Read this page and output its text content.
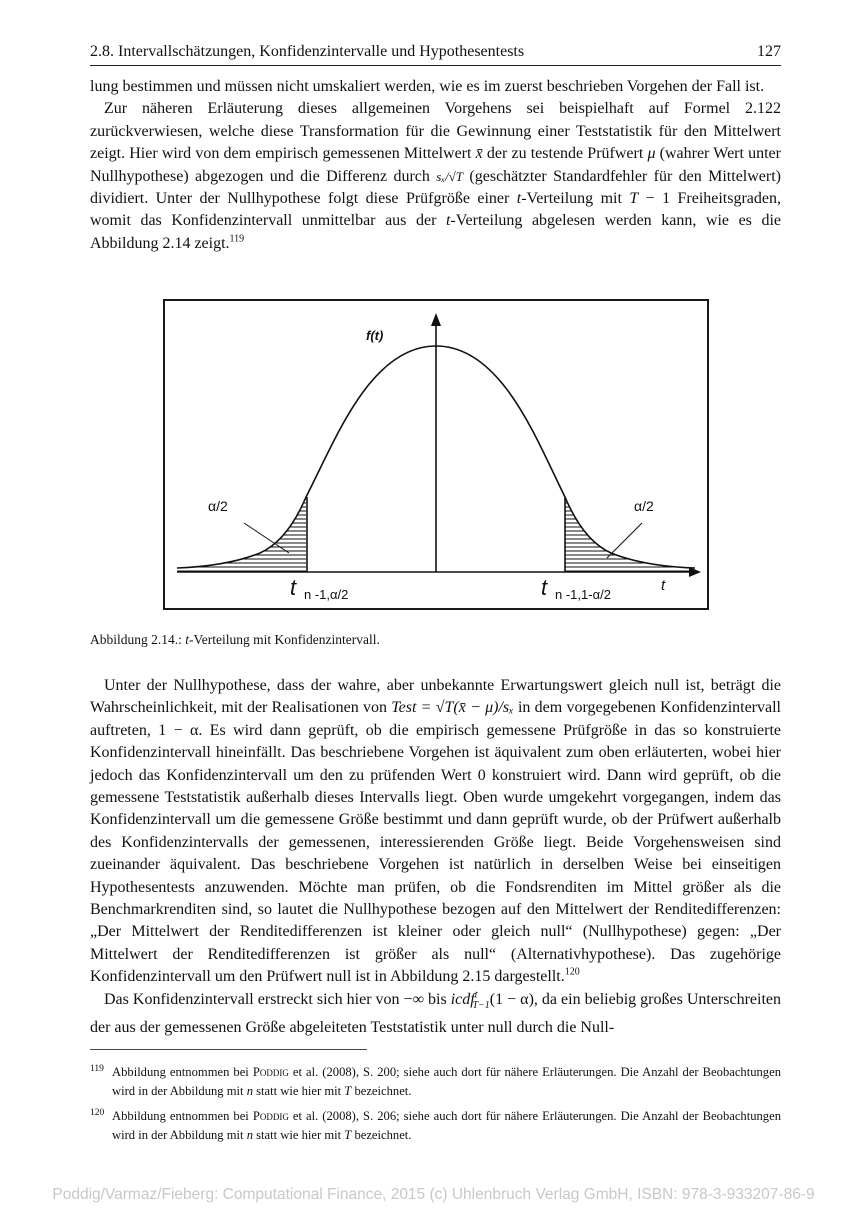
2.8. Intervallschätzungen, Konfidenzintervalle und Hypothesentests	127

lung bestimmen und müssen nicht umskaliert werden, wie es im zuerst beschrieben Vorgehen der Fall ist.

Zur näheren Erläuterung dieses allgemeinen Vorgehens sei beispielhaft auf Formel 2.122 zurückverwiesen, welche diese Transformation für die Gewinnung einer Teststatistik für den Mittelwert zeigt. Hier wird von dem empirisch gemessenen Mittelwert x̄ der zu testende Prüfwert μ (wahrer Wert unter Nullhypothese) abgezogen und die Differenz durch sₓ/√T (geschätzter Standardfehler für den Mittelwert) dividiert. Unter der Nullhypothese folgt diese Prüfgröße einer t-Verteilung mit T − 1 Freiheitsgraden, womit das Konfidenzintervall unmittelbar aus der t-Verteilung abgelesen werden kann, wie es die Abbildung 2.14 zeigt.$^{119}$

f(t)
t
α/2	α/2
t n -1,α/2	t n -1,1-α/2
Abbildung 2.14.: t-Verteilung mit Konfidenzintervall.

Unter der Nullhypothese, dass der wahre, aber unbekannte Erwartungswert gleich null ist, beträgt die Wahrscheinlichkeit, mit der Realisationen von Test = √T(x̄ − μ)/sₓ in dem vorgegebenen Konfidenzintervall auftreten, 1 − α. Es wird dann geprüft, ob die empirisch gemessene Prüfgröße in das so konstruierte Konfidenzintervall hineinfällt. Das beschriebene Vorgehen ist äquivalent zum oben erläuterten, wobei hier jedoch das Konfidenzintervall um den zu prüfenden Wert 0 konstruiert wird. Dann wird geprüft, ob die gemessene Teststatistik außerhalb dieses Intervalls liegt. Oben wurde umgekehrt vorgegangen, indem das Konfidenzintervall um die gemessene Größe bestimmt und dann geprüft wurde, ob der Prüfwert außerhalb des Konfidenzintervalls der gemessenen, interessierenden Größe liegt. Beide Vorgehensweisen sind zueinander äquivalent. Das beschriebene Vorgehen ist natürlich in derselben Weise bei einseitigen Hypothesentests anzuwenden. Möchte man prüfen, ob die Fondsrenditen im Mittel größer als die Benchmarkrenditen sind, so lautet die Nullhypothese bezogen auf den Mittelwert der Renditedifferenzen: „Der Mittelwert der Renditedifferenzen ist kleiner oder gleich null“ (Nullhypothese) gegen: „Der Mittelwert der Renditedifferenzen ist größer als null“ (Alternativhypothese). Das zugehörige Konfidenzintervall um den Prüfwert null ist in Abbildung 2.15 dargestellt.$^{120}$

Das Konfidenzintervall erstreckt sich hier von −∞ bis icdf$^t_{T-1}$(1 − α), da ein beliebig großes Unterschreiten der aus der gemessenen Größe abgeleiteten Teststatistik unter null durch die Null-

119 Abbildung entnommen bei Poddig et al. (2008), S. 200; siehe auch dort für nähere Erläuterungen. Die Anzahl der Beobachtungen wird in der Abbildung mit n statt wie hier mit T bezeichnet.
120 Abbildung entnommen bei Poddig et al. (2008), S. 206; siehe auch dort für nähere Erläuterungen. Die Anzahl der Beobachtungen wird in der Abbildung mit n statt wie hier mit T bezeichnet.
Poddig/Varmaz/Fieberg: Computational Finance, 2015 (c) Uhlenbruch Verlag GmbH, ISBN: 978-3-933207-86-9
